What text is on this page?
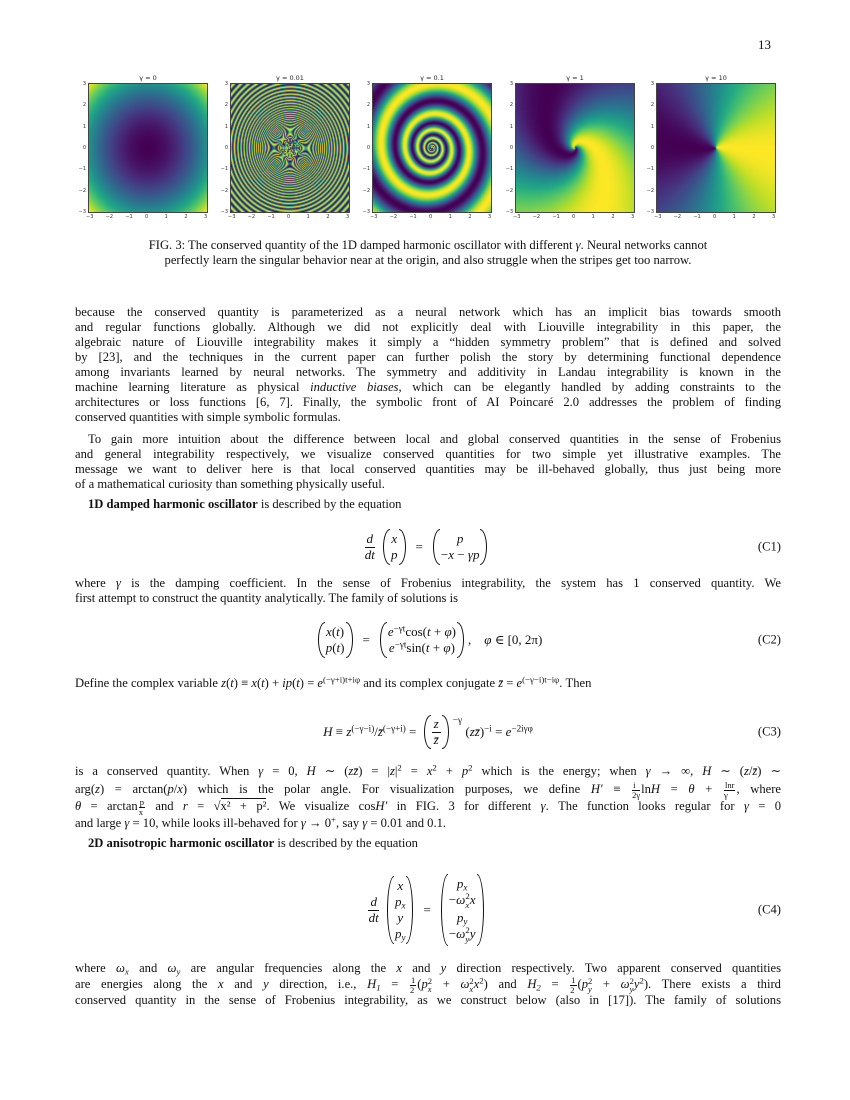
13
γ = 0
−3
−3
−2
−2
−1
−1
0
0
1
1
2
2
3
3
γ = 0.01
−3
−3
−2
−2
−1
−1
0
0
1
1
2
2
3
3
γ = 0.1
−3
−3
−2
−2
−1
−1
0
0
1
1
2
2
3
3
γ = 1
−3
−3
−2
−2
−1
−1
0
0
1
1
2
2
3
3
γ = 10
−3
−3
−2
−2
−1
−1
0
0
1
1
2
2
3
3
FIG. 3: The conserved quantity of the 1D damped harmonic oscillator with different γ. Neural networks cannot
perfectly learn the singular behavior near at the origin, and also struggle when the stripes get too narrow.
because the conserved quantity is parameterized as a neural network which has an implicit bias towards smooth
and regular functions globally. Although we did not explicitly deal with Liouville integrability in this paper, the
algebraic nature of Liouville integrability makes it simply a “hidden symmetry problem” that is defined and solved
by [23], and the techniques in the current paper can further polish the story by determining functional dependence
among invariants learned by neural networks. The symmetry and additivity in Landau integrability is known in the
machine learning literature as physical inductive biases, which can be elegantly handled by adding constraints to the
architectures or loss functions [6, 7]. Finally, the symbolic front of AI Poincaré 2.0 addresses the problem of finding
conserved quantities with simple symbolic formulas.
To gain more intuition about the difference between local and global conserved quantities in the sense of Frobenius
and general integrability respectively, we visualize conserved quantities for two simple yet illustrative examples. The
message we want to deliver here is that local conserved quantities may be ill-behaved globally, thus just being more
of a mathematical curiosity than something physically useful.
1D damped harmonic oscillator is described by the equation
$\frac{d}{dt}$ x
p
=
p
−x − γp
(C1)
where γ is the damping coefficient. In the sense of Frobenius integrability, the system has 1 conserved quantity. We
first attempt to construct the quantity analytically. The family of solutions is
x(t)
p(t)
=
$e^{-\gamma t}\cos(t + \varphi)$
$e^{-\gamma t}\sin(t + \varphi)$
,    φ ∈ [0, 2π)	(C2)
Define the complex variable $z(t) \equiv x(t) + ip(t) = e^{(-\gamma+i)t+i\varphi}$ and its complex conjugate z̄ = $e^{(-\gamma-i)t-i\varphi}$. Then
$H \equiv z^{(-\gamma-i)}/z̄^{(-\gamma+i)} = \frac{z}{z̄} -\gamma$
(zz̄)$^{-i}$ = $e^{-2i\gamma\varphi}$	(C3)
is a conserved quantity. When γ = 0, H ∼ (zz̄) = $|z|^2 = x^2 + p^2$ which is the energy; when γ → ∞, H ∼ (z/z̄) ∼
arg(z) = arctan(p/x) which is the polar angle. For visualization purposes, we define $H' \equiv \frac{i}{2\gamma}$ $\ln H = \theta + \frac{\ln r}{\gamma}$ , where
$\theta = \arctan \frac{p}{x}$ and r = √x² + p². We visualize cosH′ in FIG. 3 for different γ. The function looks regular for γ = 0
and large γ = 10, while looks ill-behaved for γ → 0+, say γ = 0.01 and 0.1.
2D anisotropic harmonic oscillator is described by the equation
$\frac{d}{dt}$
x
$p_x$
y
$p_y$
=
$p_x$
−ω x
2 x
$p_y$
−ω y
2 y
(C4)
where $\omega_x$ and $\omega_y$ are angular frequencies along the x and y direction respectively. Two apparent conserved quantities
are energies along the x and y direction, i.e., $H_1 = \frac{1}{2} (p$ x
2 + ω x
2 $x^2$) and $H_2 = \frac{1}{2} (p$ y
2 + ω y
2 $y^2$). There exists a third
conserved quantity in the sense of Frobenius integrability, as we construct below (also in [17]). The family of solutions
